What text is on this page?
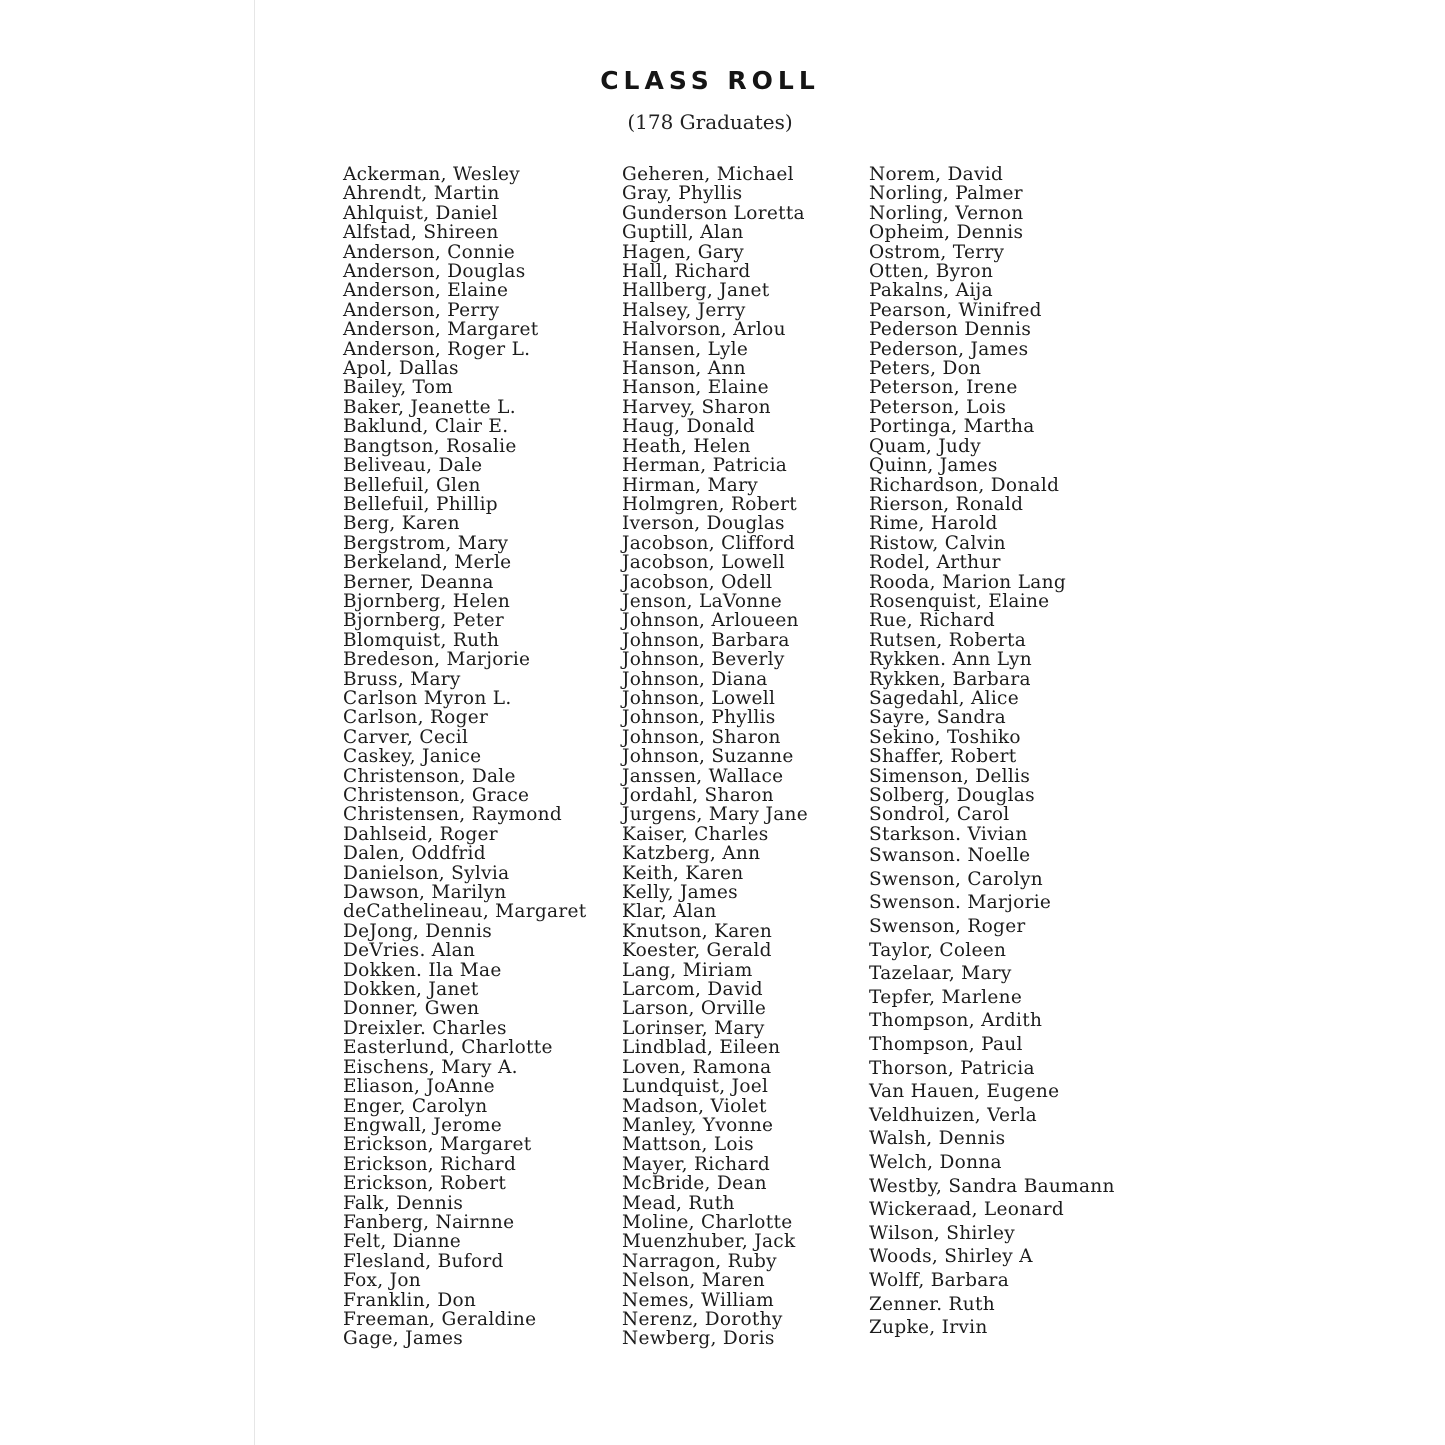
CLASS ROLL

(178 Graduates)

Ackerman, Wesley
Ahrendt, Martin
Ahlquist, Daniel
Alfstad, Shireen
Anderson, Connie
Anderson, Douglas
Anderson, Elaine
Anderson, Perry
Anderson, Margaret
Anderson, Roger L.
Apol, Dallas
Bailey, Tom
Baker, Jeanette L.
Baklund, Clair E.
Bangtson, Rosalie
Beliveau, Dale
Bellefuil, Glen
Bellefuil, Phillip
Berg, Karen
Bergstrom, Mary
Berkeland, Merle
Berner, Deanna
Bjornberg, Helen
Bjornberg, Peter
Blomquist, Ruth
Bredeson, Marjorie
Bruss, Mary
Carlson Myron L.
Carlson, Roger
Carver, Cecil
Caskey, Janice
Christenson, Dale
Christenson, Grace
Christensen, Raymond
Dahlseid, Roger
Dalen, Oddfrid
Danielson, Sylvia
Dawson, Marilyn
deCathelineau, Margaret
DeJong, Dennis
DeVries. Alan
Dokken. Ila Mae
Dokken, Janet
Donner, Gwen
Dreixler. Charles
Easterlund, Charlotte
Eischens, Mary A.
Eliason, JoAnne
Enger, Carolyn
Engwall, Jerome
Erickson, Margaret
Erickson, Richard
Erickson, Robert
Falk, Dennis
Fanberg, Nairnne
Felt, Dianne
Flesland, Buford
Fox, Jon
Franklin, Don
Freeman, Geraldine
Gage, James
Geheren, Michael
Gray, Phyllis
Gunderson Loretta
Guptill, Alan
Hagen, Gary
Hall, Richard
Hallberg, Janet
Halsey, Jerry
Halvorson, Arlou
Hansen, Lyle
Hanson, Ann
Hanson, Elaine
Harvey, Sharon
Haug, Donald
Heath, Helen
Herman, Patricia
Hirman, Mary
Holmgren, Robert
Iverson, Douglas
Jacobson, Clifford
Jacobson, Lowell
Jacobson, Odell
Jenson, LaVonne
Johnson, Arloueen
Johnson, Barbara
Johnson, Beverly
Johnson, Diana
Johnson, Lowell
Johnson, Phyllis
Johnson, Sharon
Johnson, Suzanne
Janssen, Wallace
Jordahl, Sharon
Jurgens, Mary Jane
Kaiser, Charles
Katzberg, Ann
Keith, Karen
Kelly, James
Klar, Alan
Knutson, Karen
Koester, Gerald
Lang, Miriam
Larcom, David
Larson, Orville
Lorinser, Mary
Lindblad, Eileen
Loven, Ramona
Lundquist, Joel
Madson, Violet
Manley, Yvonne
Mattson, Lois
Mayer, Richard
McBride, Dean
Mead, Ruth
Moline, Charlotte
Muenzhuber, Jack
Narragon, Ruby
Nelson, Maren
Nemes, William
Nerenz, Dorothy
Newberg, Doris
Norem, David
Norling, Palmer
Norling, Vernon
Opheim, Dennis
Ostrom, Terry
Otten, Byron
Pakalns, Aija
Pearson, Winifred
Pederson Dennis
Pederson, James
Peters, Don
Peterson, Irene
Peterson, Lois
Portinga, Martha
Quam, Judy
Quinn, James
Richardson, Donald
Rierson, Ronald
Rime, Harold
Ristow, Calvin
Rodel, Arthur
Rooda, Marion Lang
Rosenquist, Elaine
Rue, Richard
Rutsen, Roberta
Rykken. Ann Lyn
Rykken, Barbara
Sagedahl, Alice
Sayre, Sandra
Sekino, Toshiko
Shaffer, Robert
Simenson, Dellis
Solberg, Douglas
Sondrol, Carol
Starkson. Vivian
Swanson. Noelle
Swenson, Carolyn
Swenson. Marjorie
Swenson, Roger
Taylor, Coleen
Tazelaar, Mary
Tepfer, Marlene
Thompson, Ardith
Thompson, Paul
Thorson, Patricia
Van Hauen, Eugene
Veldhuizen, Verla
Walsh, Dennis
Welch, Donna
Westby, Sandra Baumann
Wickeraad, Leonard
Wilson, Shirley
Woods, Shirley A
Wolff, Barbara
Zenner. Ruth
Zupke, Irvin
